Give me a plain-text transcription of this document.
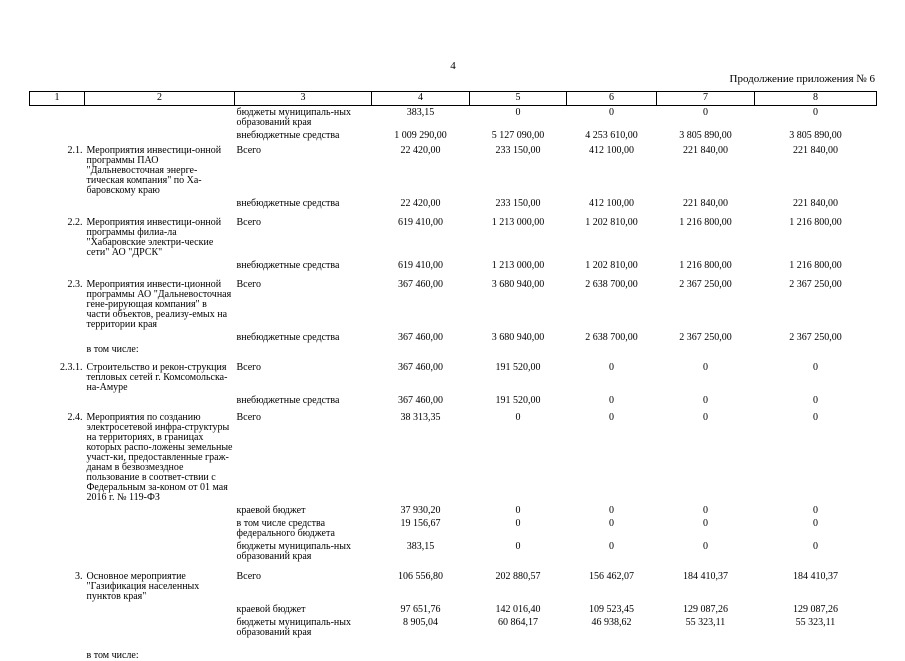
4
Продолжение приложения № 6
1	2	3	4	5	6	7	8
		бюджеты муниципаль-ных образований края	383,15	0	0	0	0
		внебюджетные средства	1 009 290,00	5 127 090,00	4 253 610,00	3 805 890,00	3 805 890,00
2.1.	Мероприятия инвестици-онной программы ПАО "Дальневосточная энерге-тическая компания" по Ха-баровскому краю	Всего	22 420,00	233 150,00	412 100,00	221 840,00	221 840,00
		внебюджетные средства	22 420,00	233 150,00	412 100,00	221 840,00	221 840,00
2.2.	Мероприятия инвестици-онной программы филиа-ла "Хабаровские электри-ческие сети" АО "ДРСК"	Всего	619 410,00	1 213 000,00	1 202 810,00	1 216 800,00	1 216 800,00
		внебюджетные средства	619 410,00	1 213 000,00	1 202 810,00	1 216 800,00	1 216 800,00
2.3.	Мероприятия инвести-ционной программы АО "Дальневосточная гене-рирующая компания" в части объектов, реализу-емых на территории края	Всего	367 460,00	3 680 940,00	2 638 700,00	2 367 250,00	2 367 250,00
		внебюджетные средства	367 460,00	3 680 940,00	2 638 700,00	2 367 250,00	2 367 250,00
	в том числе:						
2.3.1.	Строительство и рекон-струкция тепловых сетей г. Комсомольска-на-Амуре	Всего	367 460,00	191 520,00	0	0	0
		внебюджетные средства	367 460,00	191 520,00	0	0	0
2.4.	Мероприятия по созданию электросетевой инфра-структуры на территориях, в границах которых распо-ложены земельные участ-ки, предоставленные граж-данам в безвозмездное пользование в соответ-ствии с Федеральным за-коном от 01 мая 2016 г. № 119-ФЗ	Всего	38 313,35	0	0	0	0
		краевой бюджет	37 930,20	0	0	0	0
		в том числе средства федерального бюджета	19 156,67	0	0	0	0
		бюджеты муниципаль-ных образований края	383,15	0	0	0	0
3.	Основное мероприятие "Газификация населенных пунктов края"	Всего	106 556,80	202 880,57	156 462,07	184 410,37	184 410,37
		краевой бюджет	97 651,76	142 016,40	109 523,45	129 087,26	129 087,26
		бюджеты муниципаль-ных образований края	8 905,04	60 864,17	46 938,62	55 323,11	55 323,11
	в том числе:						
